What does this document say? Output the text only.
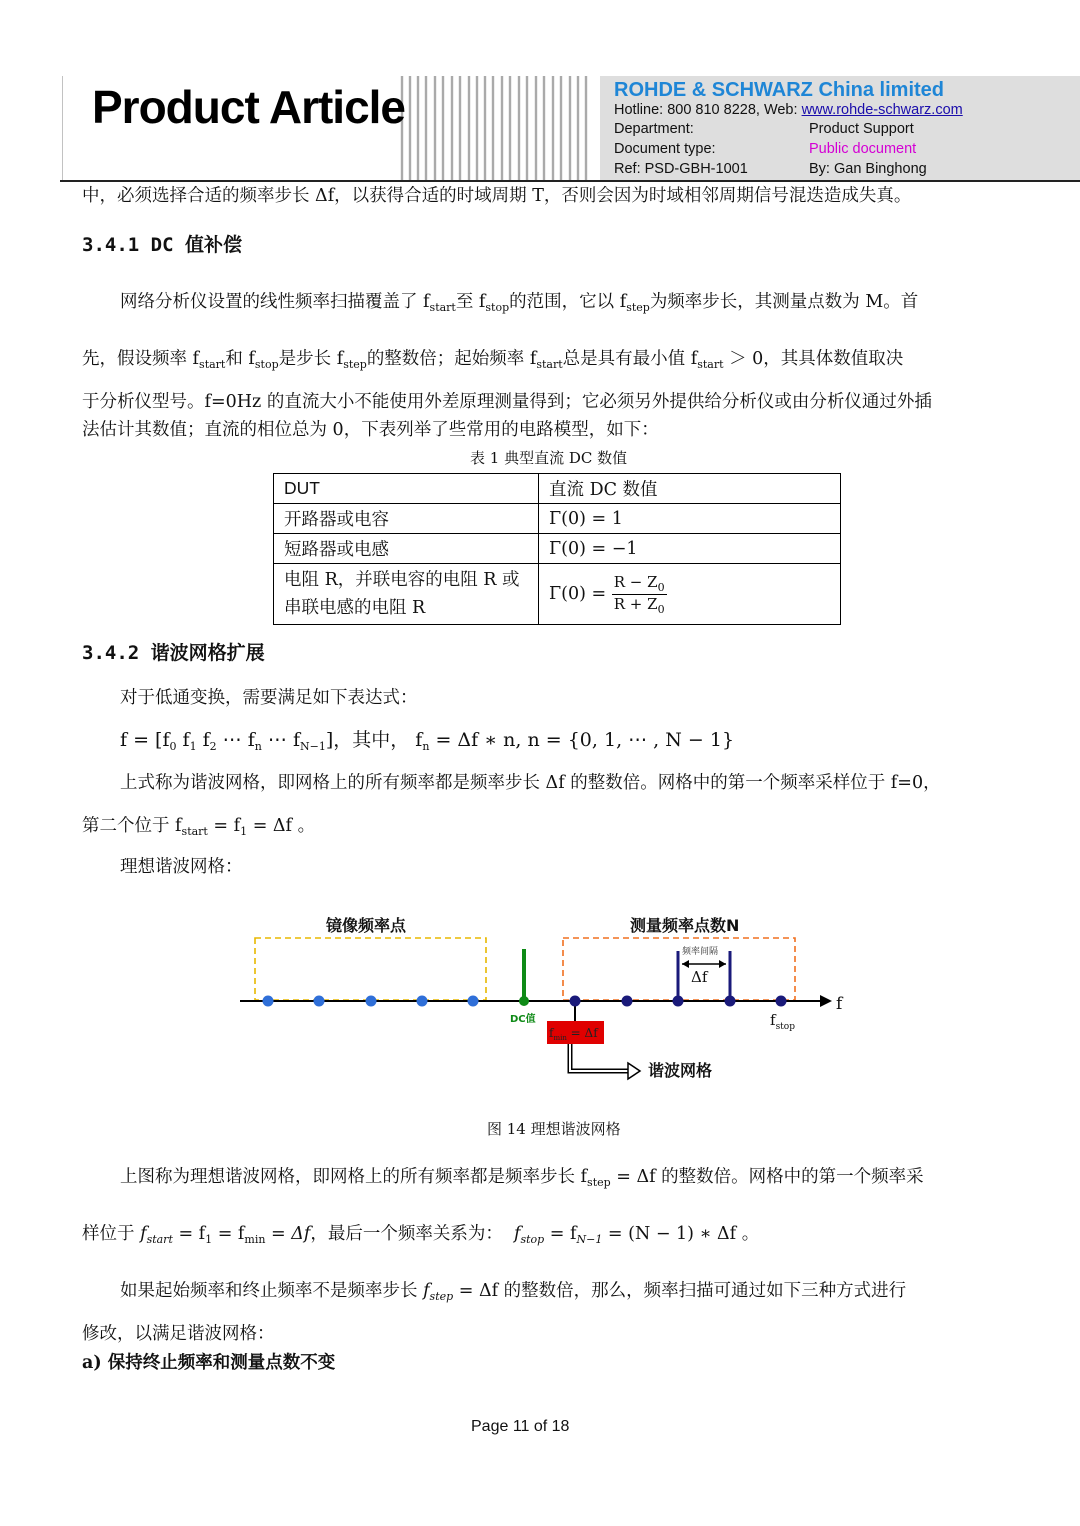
Product Article	ROHDE & SCHWARZ China limited
Hotline: 800 810 8228, Web: www.rohde-schwarz.com
Department:	Product Support
Document type:	Public document
Ref: PSD-GBH-1001	By: Gan Binghong
中，必须选择合适的频率步长 Δf，以获得合适的时域周期 T，否则会因为时域相邻周期信号混迭造成失真。
3.4.1 DC 值补偿
网络分析仪设置的线性频率扫描覆盖了 $f_{start}$至 $f_{stop}$的范围，它以 $f_{step}$为频率步长，其测量点数为 M。首
先，假设频率 $f_{start}$和 $f_{stop}$是步长 $f_{step}$的整数倍；起始频率 $f_{start}$总是具有最小值 $f_{start} > 0$，其具体数值取决
于分析仪型号。f=0Hz 的直流大小不能使用外差原理测量得到；它必须另外提供给分析仪或由分析仪通过外插
法估计其数值；直流的相位总为 0，下表列举了些常用的电路模型，如下：
表 1 典型直流 DC 数值
DUT	直流 DC 数值
开路器或电容	Γ(0) = 1
短路器或电感	Γ(0) = −1
电阻 R，并联电容的电阻 R 或
串联电感的电阻 R	$\Gamma(0) = \frac{R - Z_0}{R + Z_0}$
3.4.2 谐波网格扩展
对于低通变换，需要满足如下表达式：
$f = [f_0$ $f_1$ $f_2$ ⋯ $f_n$ ⋯ $f_{N-1}$]，其中， $f_n = \Delta f$ ∗ n, n = {0, 1, ⋯ , N − 1}
上式称为谐波网格，即网格上的所有频率都是频率步长 Δf 的整数倍。网格中的第一个频率采样位于 f=0，
第二个位于 $f_{start} = f_1 = \Delta f$ 。
理想谐波网格：
镜像频率点	测量频率点数N
f
DC值
频率间隔
Δf
$f_{stop}$
$f_{min} = \Delta f$
谐波网格
图 14 理想谐波网格
上图称为理想谐波网格，即网格上的所有频率都是频率步长 $f_{step} = \Delta f$ 的整数倍。网格中的第一个频率采
样位于 $f_{start} = f_1 = f_{min} = \Delta f$，最后一个频率关系为： $f_{stop} = f_{N-1} = (N - 1)$ ∗ Δf 。
如果起始频率和终止频率不是频率步长 $f_{step} = \Delta f$ 的整数倍，那么，频率扫描可通过如下三种方式进行
修改，以满足谐波网格：
a) 保持终止频率和测量点数不变
Page 11 of 18
